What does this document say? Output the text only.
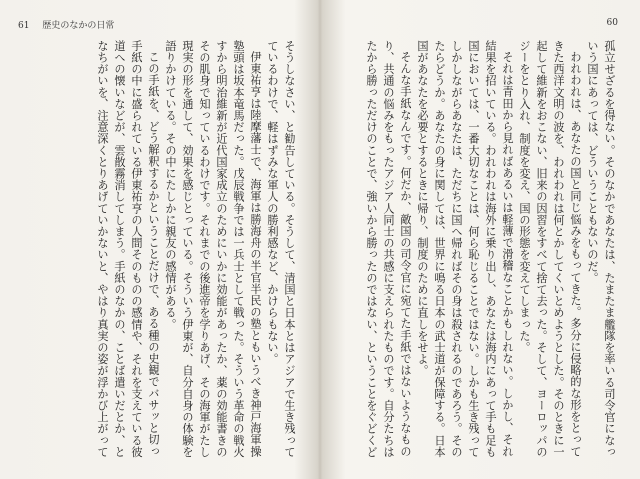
61 歴史のなかの日常
そうしなさい、と勧告している。そうして、清国と日本とはアジアで生き残って
ているわけで、軽はずみな軍人の勝利感など、かけらもない。
伊東祐亨は陸摩藩士で、海軍は勝海舟の半官半民の塾ともいうべき神戸海軍操
塾頭は坂本竜馬だった。戊辰戦争では一兵士として戦った。そういう革命の戦火
すから明治維新が近代国家成立のためにいかに効能があったか、薬の効能書きの
その肌身で知っているわけです。それまでの後進帝を学りあげ、その海軍がたし
現実の形を通して、効果を感じとっている。そういう伊東が、自分自身の体験を
語りかけている。その中にたしかに親友の感情がある。
この手紙を、どう解釈するかということだけで、ある種の史観でバサッと切っ
手紙の中に盛られている伊東祐亨の人間そのものの感情や、それを支えている彼
道への懐いなどが、雲散霧消してしまう。手紙のなかの、ことば遣いだとか、と
なちがいを、注意深くとりあげていかないと、やはり真実の姿が浮かび上がって
60
孤立せざるを得ない。そのなかであなたは、たまたま艦隊を率いる司令官になっ
いう国にあっては、どういうこともないのだ。
われわれは、あなたの国と同じ悩みをもってきた。多分に侵略的な形をとって
きた西洋文明の波を、われわれは何とかしてくいとめようとした。そのときに一
起して維新をおこない、旧来の因習をすべて捨て去った。そして、ヨーロッパの
ジーをとり入れ、制度を変え、国の形態を変えてしまった。
それは青田から見ればあるいは軽薄で滑稽なことかもしれない。しかし、それ
結果を招いている。われわれは海外に乗り出し、あなたは海内にあって手も足も
国においては、一番大切なことは、何ら恥じることではない。しかも生き残って
しかしながらあなたは、ただちに国へ帰ればその身は殺されるのであろう。その
たらどうか。あなたの身に関しては、世界に鳴る日本の武士道が保障する。日本
国があなたを必要とするときに帰り、制度のために直しをせよ。
そんな手紙なんです。何だか、敵国の司令官に宛てた手紙ではないようなもの
り、共通の悩みをもったアジア人同士の共感に支えられたものです。自分たちは
たから勝っただけのことで、強いから勝ったのではない、ということをぐどくど
